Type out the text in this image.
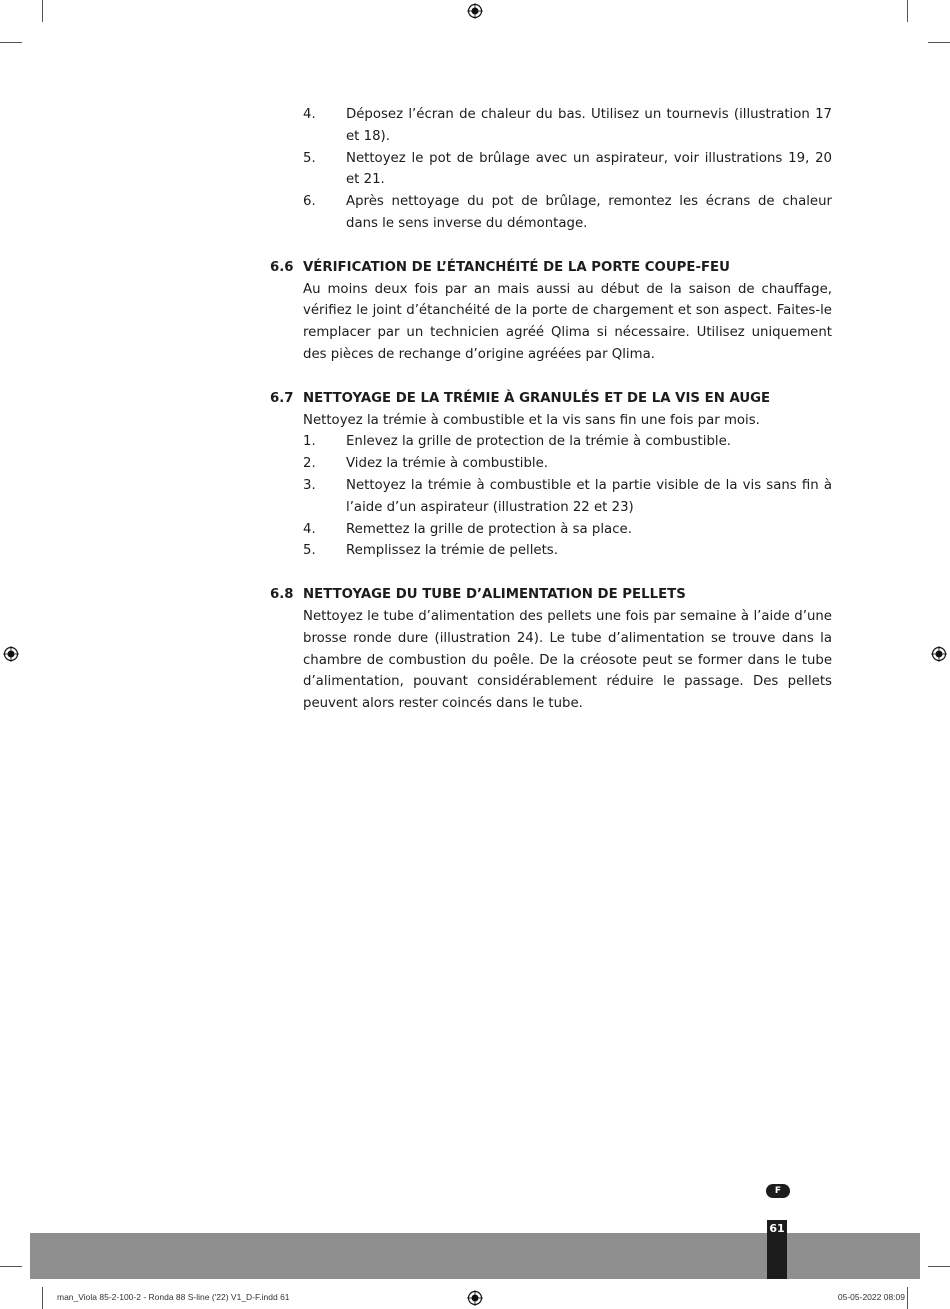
4.	Déposez l’écran de chaleur du bas. Utilisez un tournevis (illustration 17 et 18).
5.	Nettoyez le pot de brûlage avec un aspirateur, voir illustrations 19, 20 et 21.
6.	Après nettoyage du pot de brûlage, remontez les écrans de chaleur dans le sens inverse du démontage.
6.6 VÉRIFICATION DE L’ÉTANCHÉITÉ DE LA PORTE COUPE-FEU
Au moins deux fois par an mais aussi au début de la saison de chauffage, vérifiez le joint d’étanchéité de la porte de chargement et son aspect. Faites-le remplacer par un technicien agréé Qlima si nécessaire. Utilisez uniquement des pièces de rechange d’origine agréées par Qlima.
6.7 NETTOYAGE DE LA TRÉMIE À GRANULÉS ET DE LA VIS EN AUGE
Nettoyez la trémie à combustible et la vis sans fin une fois par mois.
1.	Enlevez la grille de protection de la trémie à combustible.
2.	Videz la trémie à combustible.
3.	Nettoyez la trémie à combustible et la partie visible de la vis sans fin à l’aide d’un aspirateur (illustration 22 et 23)
4.	Remettez la grille de protection à sa place.
5.	Remplissez la trémie de pellets.
6.8 NETTOYAGE DU TUBE D’ALIMENTATION DE PELLETS
Nettoyez le tube d’alimentation des pellets une fois par semaine à l’aide d’une brosse ronde dure (illustration 24). Le tube d’alimentation se trouve dans la chambre de combustion du poêle. De la créosote peut se former dans le tube d’alimentation, pouvant considérablement réduire le passage. Des pellets peuvent alors rester coincés dans le tube.
F
61
man_Viola 85-2-100-2 - Ronda 88 S-line ('22) V1_D-F.indd 61	05-05-2022 08:09
